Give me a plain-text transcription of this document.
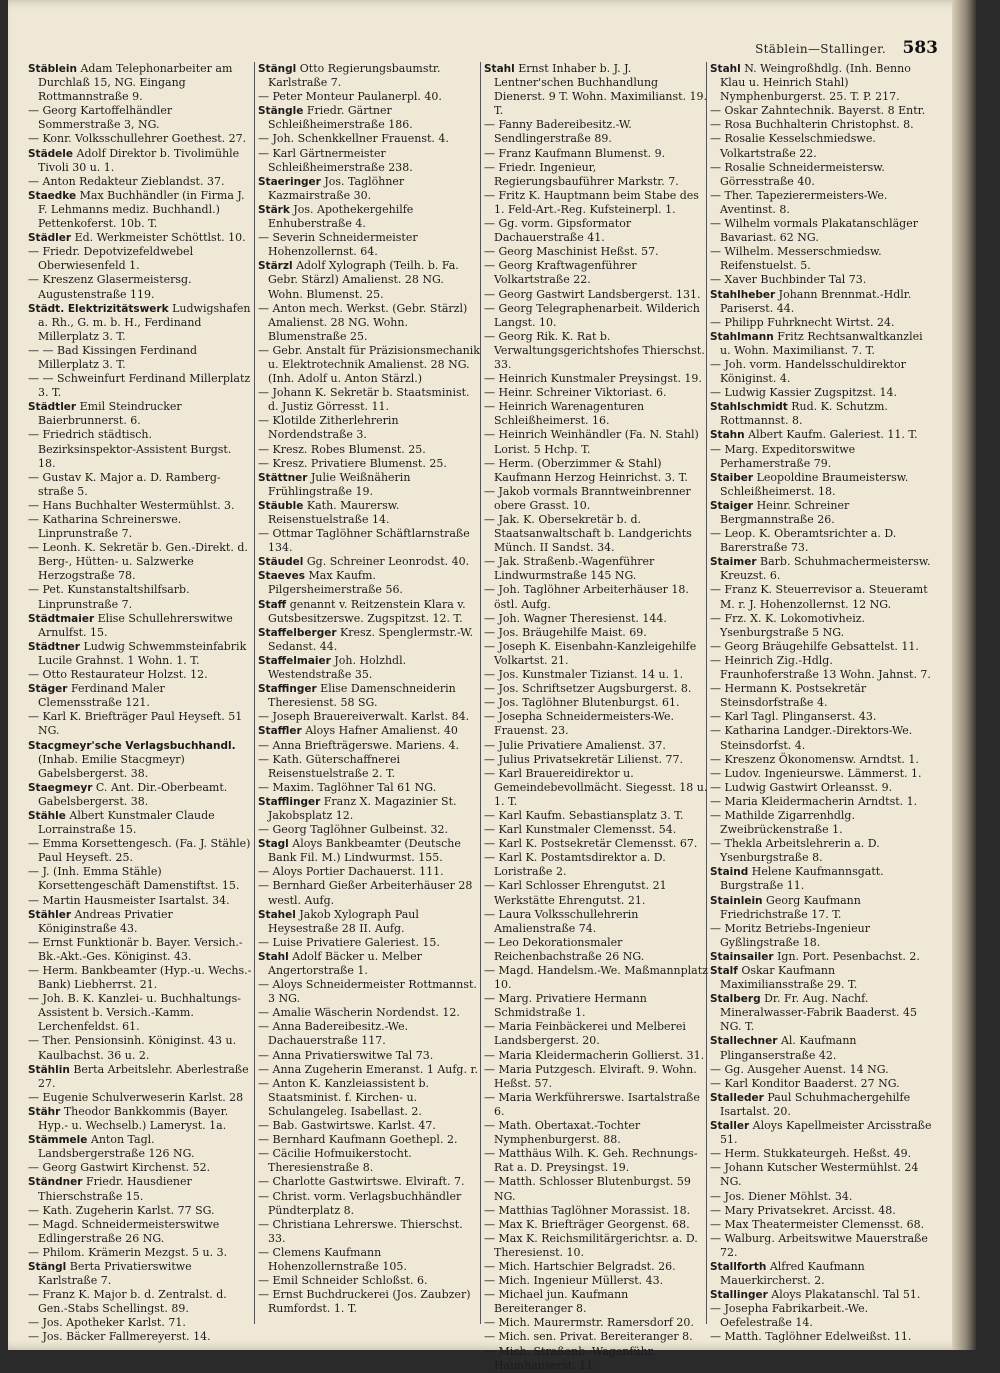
Stäblein—Stallinger. 583

Stäblein Adam Telephonarbeiter am Durchlaß 15, NG. Eingang Rottmannstraße 9.

— Georg Kartoffelhändler Sommerstraße 3, NG.

— Konr. Volksschullehrer Goethest. 27.

Städele Adolf Direktor b. Tivolimühle Tivoli 30 u. 1.

— Anton Redakteur Zieblandst. 37.

Staedke Max Buchhändler (in Firma J. F. Lehmanns mediz. Buchhandl.) Pettenkoferst. 10b. T.

Städler Ed. Werkmeister Schöttlst. 10.

— Friedr. Depotvizefeldwebel Oberwiesenfeld 1.

— Kreszenz Glasermeistersg. Augustenstraße 119.

Städt. Elektrizitätswerk Ludwigshafen a. Rh., G. m. b. H., Ferdinand Millerplatz 3. T.

— — Bad Kissingen Ferdinand Millerplatz 3. T.

— — Schweinfurt Ferdinand Millerplatz 3. T.

Städtler Emil Steindrucker Baierbrunnerst. 6.

— Friedrich städtisch. Bezirksinspektor-Assistent Burgst. 18.

— Gustav K. Major a. D. Ramberg-straße 5.

— Hans Buchhalter Westermühlst. 3.

— Katharina Schreinerswe. Linprunstraße 7.

— Leonh. K. Sekretär b. Gen.-Direkt. d. Berg-, Hütten- u. Salzwerke Herzogstraße 78.

— Pet. Kunstanstaltshilfsarb. Linprunstraße 7.

Städtmaier Elise Schullehrerswitwe Arnulfst. 15.

Städtner Ludwig Schwemmsteinfabrik Lucile Grahnst. 1 Wohn. 1. T.

— Otto Restaurateur Holzst. 12.

Stäger Ferdinand Maler Clemensstraße 121.

— Karl K. Briefträger Paul Heyseft. 51 NG.

Stacgmeyr'sche Verlagsbuchhandl. (Inhab. Emilie Stacgmeyr) Gabelsbergerst. 38.

Staegmeyr C. Ant. Dir.-Oberbeamt. Gabelsbergerst. 38.

Stähle Albert Kunstmaler Claude Lorrainstraße 15.

— Emma Korsettengesch. (Fa. J. Stähle) Paul Heyseft. 25.

— J. (Inh. Emma Stähle) Korsettengeschäft Damenstiftst. 15.

— Martin Hausmeister Isartalst. 34.

Stähler Andreas Privatier Königinstraße 43.

— Ernst Funktionär b. Bayer. Versich.-Bk.-Akt.-Ges. Königinst. 43.

— Herm. Bankbeamter (Hyp.-u. Wechs.-Bank) Liebherrst. 21.

— Joh. B. K. Kanzlei- u. Buchhaltungs-Assistent b. Versich.-Kamm. Lerchenfeldst. 61.

— Ther. Pensionsinh. Königinst. 43 u. Kaulbachst. 36 u. 2.

Stählin Berta Arbeitslehr. Aberlestraße 27.

— Eugenie Schulverweserin Karlst. 28

Stähr Theodor Bankkommis (Bayer. Hyp.- u. Wechselb.) Lameryst. 1a.

Stämmele Anton Tagl. Landsbergerstraße 126 NG.

— Georg Gastwirt Kirchenst. 52.

Ständner Friedr. Hausdiener Thierschstraße 15.

— Kath. Zugeherin Karlst. 77 SG.

— Magd. Schneidermeisterswitwe Edlingerstraße 26 NG.

— Philom. Krämerin Mezgst. 5 u. 3.

Stängl Berta Privatierswitwe Karlstraße 7.

— Franz K. Major b. d. Zentralst. d. Gen.-Stabs Schellingst. 89.

— Jos. Apotheker Karlst. 71.

— Jos. Bäcker Fallmereyerst. 14.

Stängl Otto Regierungsbaumstr. Karlstraße 7.

— Peter Monteur Paulanerpl. 40.

Stängle Friedr. Gärtner Schleißheimerstraße 186.

— Joh. Schenkkellner Frauenst. 4.

— Karl Gärtnermeister Schleißheimerstraße 238.

Staeringer Jos. Taglöhner Kazmairstraße 30.

Stärk Jos. Apothekergehilfe Enhuberstraße 4.

— Severin Schneidermeister Hohenzollernst. 64.

Stärzl Adolf Xylograph (Teilh. b. Fa. Gebr. Stärzl) Amalienst. 28 NG. Wohn. Blumenst. 25.

— Anton mech. Werkst. (Gebr. Stärzl) Amalienst. 28 NG. Wohn. Blumenstraße 25.

— Gebr. Anstalt für Präzisionsmechanik u. Elektrotechnik Amalienst. 28 NG. (Inh. Adolf u. Anton Stärzl.)

— Johann K. Sekretär b. Staatsminist. d. Justiz Görresst. 11.

— Klotilde Zitherlehrerin Nordendstraße 3.

— Kresz. Robes Blumenst. 25.

— Kresz. Privatiere Blumenst. 25.

Stättner Julie Weißnäherin Frühlingstraße 19.

Stäuble Kath. Maurersw. Reisenstuelstraße 14.

— Ottmar Taglöhner Schäftlarnstraße 134.

Stäudel Gg. Schreiner Leonrodst. 40.

Staeves Max Kaufm. Pilgersheimerstraße 56.

Staff genannt v. Reitzenstein Klara v. Gutsbesitzerswe. Zugspitzst. 12. T.

Staffelberger Kresz. Spenglermstr.-W. Sedanst. 44.

Staffelmaier Joh. Holzhdl. Westendstraße 35.

Staffinger Elise Damenschneiderin Theresienst. 58 SG.

— Joseph Brauereiverwalt. Karlst. 84.

Staffler Aloys Hafner Amalienst. 40

— Anna Briefträgerswe. Mariens. 4.

— Kath. Güterschaffnerei Reisenstuelstraße 2. T.

— Maxim. Taglöhner Tal 61 NG.

Stafflinger Franz X. Magazinier St. Jakobsplatz 12.

— Georg Taglöhner Gulbeinst. 32.

Stagl Aloys Bankbeamter (Deutsche Bank Fil. M.) Lindwurmst. 155.

— Aloys Portier Dachauerst. 111.

— Bernhard Gießer Arbeiterhäuser 28 westl. Aufg.

Stahel Jakob Xylograph Paul Heysestraße 28 II. Aufg.

— Luise Privatiere Galeriest. 15.

Stahl Adolf Bäcker u. Melber Angertorstraße 1.

— Aloys Schneidermeister Rottmannst. 3 NG.

— Amalie Wäscherin Nordendst. 12.

— Anna Badereibesitz.-We. Dachauerstraße 117.

— Anna Privatierswitwe Tal 73.

— Anna Zugeherin Emeranst. 1 Aufg. r.

— Anton K. Kanzleiassistent b. Staatsminist. f. Kirchen- u. Schulangeleg. Isabellast. 2.

— Bab. Gastwirtswe. Karlst. 47.

— Bernhard Kaufmann Goethepl. 2.

— Cäcilie Hofmuikerstocht. Theresienstraße 8.

— Charlotte Gastwirtswe. Elviraft. 7.

— Christ. vorm. Verlagsbuchhändler Pündterplatz 8.

— Christiana Lehrerswe. Thierschst. 33.

— Clemens Kaufmann Hohenzollernstraße 105.

— Emil Schneider Schloßst. 6.

— Ernst Buchdruckerei (Jos. Zaubzer) Rumfordst. 1. T.

Stahl Ernst Inhaber b. J. J. Lentner'schen Buchhandlung Dienerst. 9 T. Wohn. Maximilianst. 19. T.

— Fanny Badereibesitz.-W. Sendlingerstraße 89.

— Franz Kaufmann Blumenst. 9.

— Friedr. Ingenieur, Regierungsbauführer Markstr. 7.

— Fritz K. Hauptmann beim Stabe des 1. Feld-Art.-Reg. Kufsteinerpl. 1.

— Gg. vorm. Gipsformator Dachauerstraße 41.

— Georg Maschinist Heßst. 57.

— Georg Kraftwagenführer Volkartstraße 22.

— Georg Gastwirt Landsbergerst. 131.

— Georg Telegraphenarbeit. Wilderich Langst. 10.

— Georg Rik. K. Rat b. Verwaltungsgerichtshofes Thierschst. 33.

— Heinrich Kunstmaler Preysingst. 19.

— Heinr. Schreiner Viktoriast. 6.

— Heinrich Warenagenturen Schleißheimerst. 16.

— Heinrich Weinhändler (Fa. N. Stahl) Lorist. 5 Hchp. T.

— Herm. (Oberzimmer & Stahl) Kaufmann Herzog Heinrichst. 3. T.

— Jakob vormals Branntweinbrenner obere Grasst. 10.

— Jak. K. Obersekretär b. d. Staatsanwaltschaft b. Landgerichts Münch. II Sandst. 34.

— Jak. Straßenb.-Wagenführer Lindwurmstraße 145 NG.

— Joh. Taglöhner Arbeiterhäuser 18. östl. Aufg.

— Joh. Wagner Theresienst. 144.

— Jos. Bräugehilfe Maist. 69.

— Joseph K. Eisenbahn-Kanzleigehilfe Volkartst. 21.

— Jos. Kunstmaler Tizianst. 14 u. 1.

— Jos. Schriftsetzer Augsburgerst. 8.

— Jos. Taglöhner Blutenburgst. 61.

— Josepha Schneidermeisters-We. Frauenst. 23.

— Julie Privatiere Amalienst. 37.

— Julius Privatsekretär Lilienst. 77.

— Karl Brauereidirektor u. Gemeindebevollmächt. Siegesst. 18 u. 1. T.

— Karl Kaufm. Sebastiansplatz 3. T.

— Karl Kunstmaler Clemensst. 54.

— Karl K. Postsekretär Clemensst. 67.

— Karl K. Postamtsdirektor a. D. Loristraße 2.

— Karl Schlosser Ehrengutst. 21 Werkstätte Ehrengutst. 21.

— Laura Volksschullehrerin Amalienstraße 74.

— Leo Dekorationsmaler Reichenbachstraße 26 NG.

— Magd. Handelsm.-We. Maßmannplatz 10.

— Marg. Privatiere Hermann Schmidstraße 1.

— Maria Feinbäckerei und Melberei Landsbergerst. 20.

— Maria Kleidermacherin Gollierst. 31.

— Maria Putzgesch. Elviraft. 9. Wohn. Heßst. 57.

— Maria Werkführerswe. Isartalstraße 6.

— Math. Obertaxat.-Tochter Nymphenburgerst. 88.

— Matthäus Wilh. K. Geh. Rechnungs-Rat a. D. Preysingst. 19.

— Matth. Schlosser Blutenburgst. 59 NG.

— Matthias Taglöhner Morassist. 18.

— Max K. Briefträger Georgenst. 68.

— Max K. Reichsmilitärgerichtsr. a. D. Theresienst. 10.

— Mich. Hartschier Belgradst. 26.

— Mich. Ingenieur Müllerst. 43.

— Michael jun. Kaufmann Bereiteranger 8.

— Mich. Maurermstr. Ramersdorf 20.

— Mich. sen. Privat. Bereiteranger 8.

— Mich. Straßenb.-Wagenführ. Haimhauserst. 11.

Stahl N. Weingroßhdlg. (Inh. Benno Klau u. Heinrich Stahl) Nymphenburgerst. 25. T. P. 217.

— Oskar Zahntechnik. Bayerst. 8 Entr.

— Rosa Buchhalterin Christophst. 8.

— Rosalie Kesselschmiedswe. Volkartstraße 22.

— Rosalie Schneidermeistersw. Görresstraße 40.

— Ther. Tapezierermeisters-We. Aventinst. 8.

— Wilhelm vormals Plakatanschläger Bavariast. 62 NG.

— Wilhelm. Messerschmiedsw. Reifenstuelst. 5.

— Xaver Buchbinder Tal 73.

Stahlheber Johann Brennmat.-Hdlr. Pariserst. 44.

— Philipp Fuhrknecht Wirtst. 24.

Stahlmann Fritz Rechtsanwaltkanzlei u. Wohn. Maximilianst. 7. T.

— Joh. vorm. Handelsschuldirektor Königinst. 4.

— Ludwig Kassier Zugspitzst. 14.

Stahlschmidt Rud. K. Schutzm. Rottmannst. 8.

Stahn Albert Kaufm. Galeriest. 11. T.

— Marg. Expeditorswitwe Perhamerstraße 79.

Staiber Leopoldine Braumeistersw. Schleißheimerst. 18.

Staiger Heinr. Schreiner Bergmannstraße 26.

— Leop. K. Oberamtsrichter a. D. Barerstraße 73.

Staimer Barb. Schuhmachermeistersw. Kreuzst. 6.

— Franz K. Steuerrevisor a. Steueramt M. r. J. Hohenzollernst. 12 NG.

— Frz. X. K. Lokomotivheiz. Ysenburgstraße 5 NG.

— Georg Bräugehilfe Gebsattelst. 11.

— Heinrich Zig.-Hdlg. Fraunhoferstraße 13 Wohn. Jahnst. 7.

— Hermann K. Postsekretär Steinsdorfstraße 4.

— Karl Tagl. Plinganserst. 43.

— Katharina Landger.-Direktors-We. Steinsdorfst. 4.

— Kreszenz Ökonomensw. Arndtst. 1.

— Ludov. Ingenieurswe. Lämmerst. 1.

— Ludwig Gastwirt Orleansst. 9.

— Maria Kleidermacherin Arndtst. 1.

— Mathilde Zigarrenhdlg. Zweibrückenstraße 1.

— Thekla Arbeitslehrerin a. D. Ysenburgstraße 8.

Staind Helene Kaufmannsgatt. Burgstraße 11.

Stainlein Georg Kaufmann Friedrichstraße 17. T.

— Moritz Betriebs-Ingenieur Gyßlingstraße 18.

Stainsailer Ign. Port. Pesenbachst. 2.

Stalf Oskar Kaufmann Maximiliansstraße 29. T.

Stalberg Dr. Fr. Aug. Nachf. Mineralwasser-Fabrik Baaderst. 45 NG. T.

Stallechner Al. Kaufmann Plinganserstraße 42.

— Gg. Ausgeher Auenst. 14 NG.

— Karl Konditor Baaderst. 27 NG.

Stalleder Paul Schuhmachergehilfe Isartalst. 20.

Staller Aloys Kapellmeister Arcisstraße 51.

— Herm. Stukkateurgeh. Heßst. 49.

— Johann Kutscher Westermühlst. 24 NG.

— Jos. Diener Möhlst. 34.

— Mary Privatsekret. Arcisst. 48.

— Max Theatermeister Clemensst. 68.

— Walburg. Arbeitswitwe Mauerstraße 72.

Stallforth Alfred Kaufmann Mauerkircherst. 2.

Stallinger Aloys Plakatanschl. Tal 51.

— Josepha Fabrikarbeit.-We. Oefelestraße 14.

— Matth. Taglöhner Edelweißst. 11.
